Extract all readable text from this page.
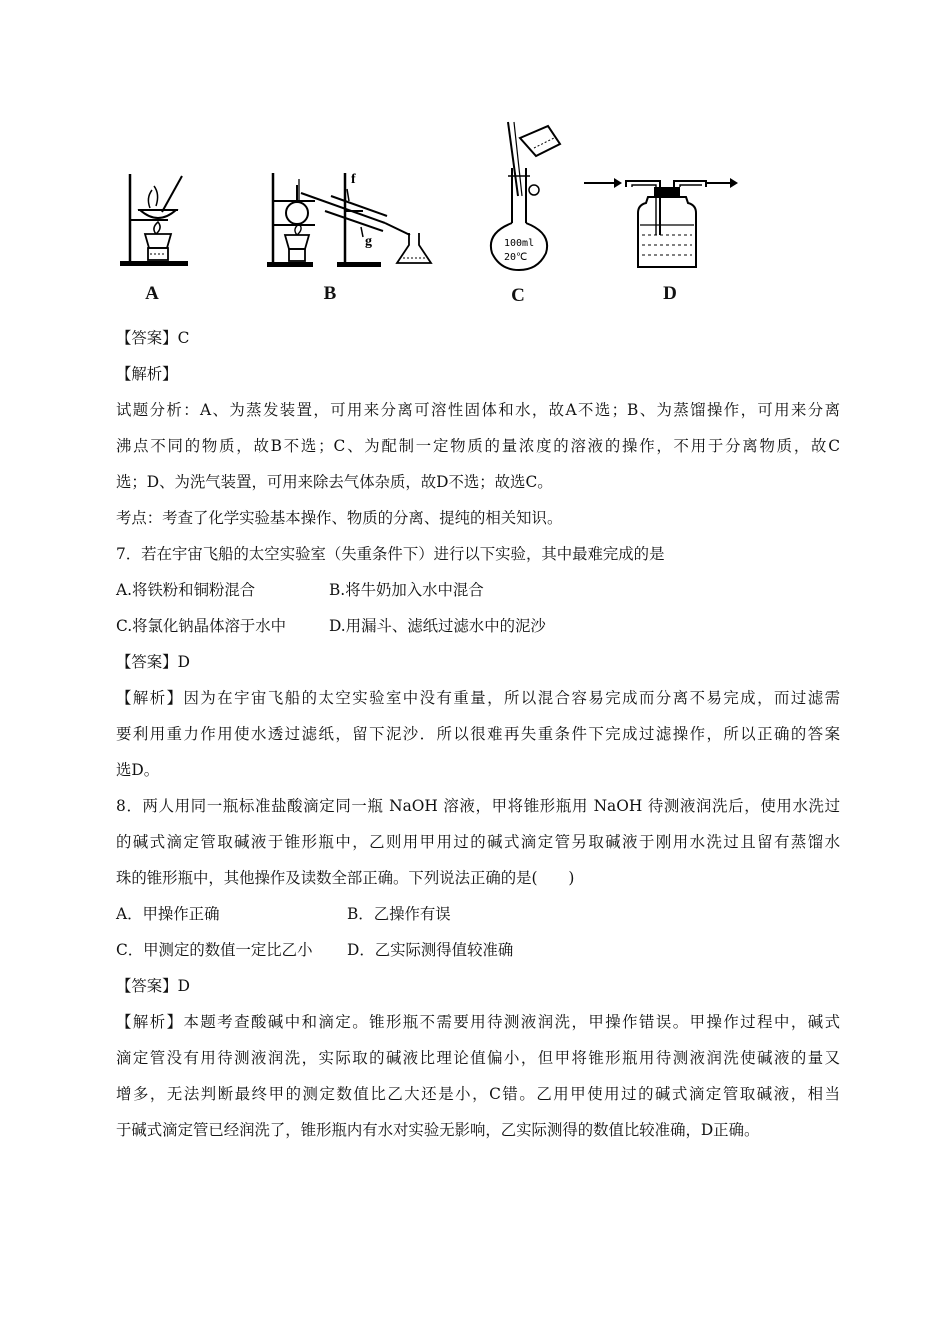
A
f
g
B
100ml
20℃
C	D
【答案】C
【解析】
试题分析：A、为蒸发装置，可用来分离可溶性固体和水，故A不选；B、为蒸馏操作，可用来分离
沸点不同的物质，故B不选；C、为配制一定物质的量浓度的溶液的操作，不用于分离物质，故C
选；D、为洗气装置，可用来除去气体杂质，故D不选；故选C。
考点：考查了化学实验基本操作、物质的分离、提纯的相关知识。
7．若在宇宙飞船的太空实验室（失重条件下）进行以下实验，其中最难完成的是
A.将铁粉和铜粉混合	B.将牛奶加入水中混合
C.将氯化钠晶体溶于水中	D.用漏斗、滤纸过滤水中的泥沙
【答案】D
【解析】因为在宇宙飞船的太空实验室中没有重量，所以混合容易完成而分离不易完成，而过滤需
要利用重力作用使水透过滤纸，留下泥沙．所以很难再失重条件下完成过滤操作，所以正确的答案
选D。
8．两人用同一瓶标准盐酸滴定同一瓶 NaOH 溶液，甲将锥形瓶用 NaOH 待测液润洗后，使用水洗过
的碱式滴定管取碱液于锥形瓶中，乙则用甲用过的碱式滴定管另取碱液于刚用水洗过且留有蒸馏水
珠的锥形瓶中，其他操作及读数全部正确。下列说法正确的是(　　)
A．甲操作正确	B．乙操作有误
C．甲测定的数值一定比乙小 D．乙实际测得值较准确
【答案】D
【解析】本题考查酸碱中和滴定。锥形瓶不需要用待测液润洗，甲操作错误。甲操作过程中，碱式
滴定管没有用待测液润洗，实际取的碱液比理论值偏小，但甲将锥形瓶用待测液润洗使碱液的量又
增多，无法判断最终甲的测定数值比乙大还是小，C错。乙用甲使用过的碱式滴定管取碱液，相当
于碱式滴定管已经润洗了，锥形瓶内有水对实验无影响，乙实际测得的数值比较准确，D正确。
